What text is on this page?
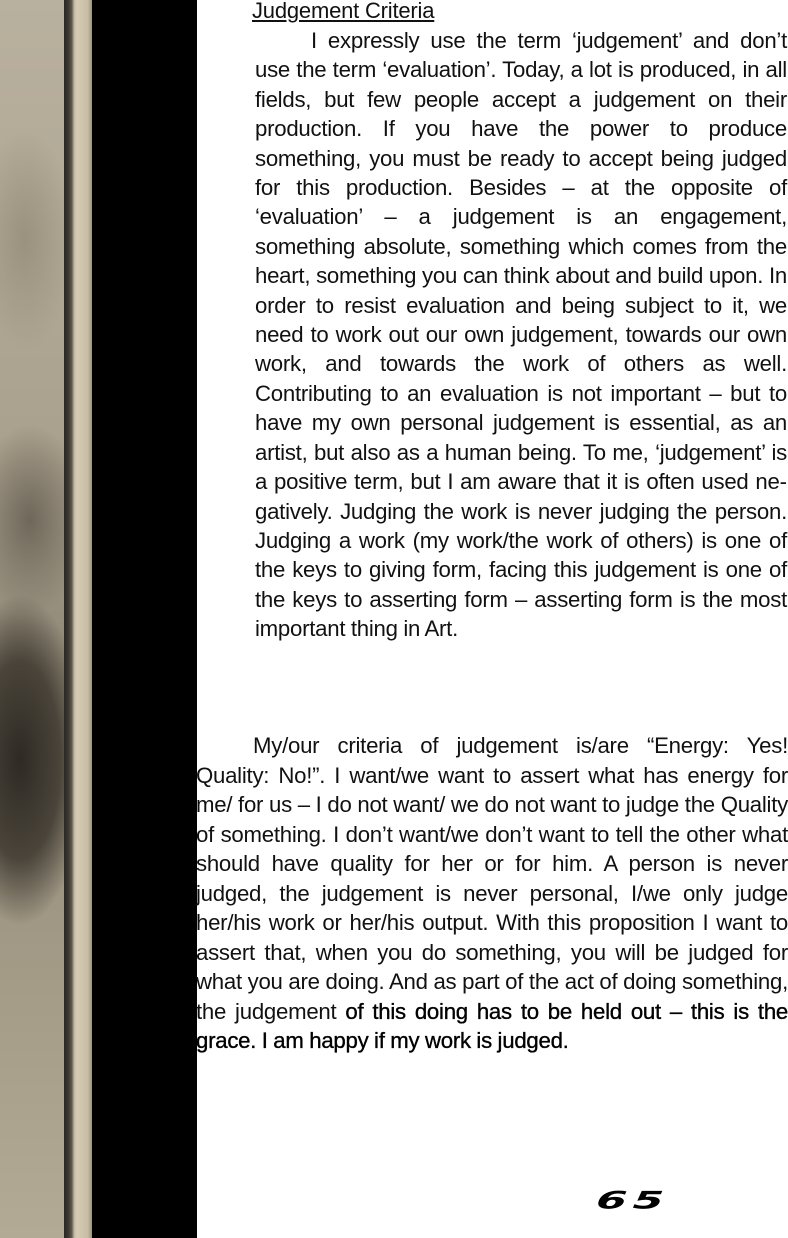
Judgement Criteria

I expressly use the term ‘judgement’ and don’t use the term ‘evaluation’. Today, a lot is produced, in all fields, but few people accept a judgement on their production. If you have the power to produce something, you must be ready to accept being judged for this production. Besides – at the opposite of ‘evaluation’ – a judgement is an engagement, something absolute, something which comes from the heart, something you can think about and build upon. In order to resist evaluation and being subject to it, we need to work out our own judgement, towards our own work, and towards the work of others as well. Contributing to an evaluation is not important – but to have my own personal judgement is essential, as an artist, but also as a human being. To me, ‘judgement’ is a positive term, but I am aware that it is often used negatively. Judging the work is never judging the person. Judging a work (my work/the work of others) is one of the keys to giving form, facing this judgement is one of the keys to asserting form – asserting form is the most important thing in Art.

My/our criteria of judgement is/are “Energy: Yes! Quality: No!”. I want/we want to assert what has energy for me/ for us – I do not want/ we do not want to judge the Quality of something. I don’t want/we don’t want to tell the other what should have quality for her or for him. A person is never judged, the judgement is never personal, I/we only judge her/his work or her/his output. With this proposition I want to assert that, when you do something, you will be judged for what you are doing. And as part of the act of doing something, the judgement of this doing has to be held out – this is the grace. I am happy if my work is judged.

65
